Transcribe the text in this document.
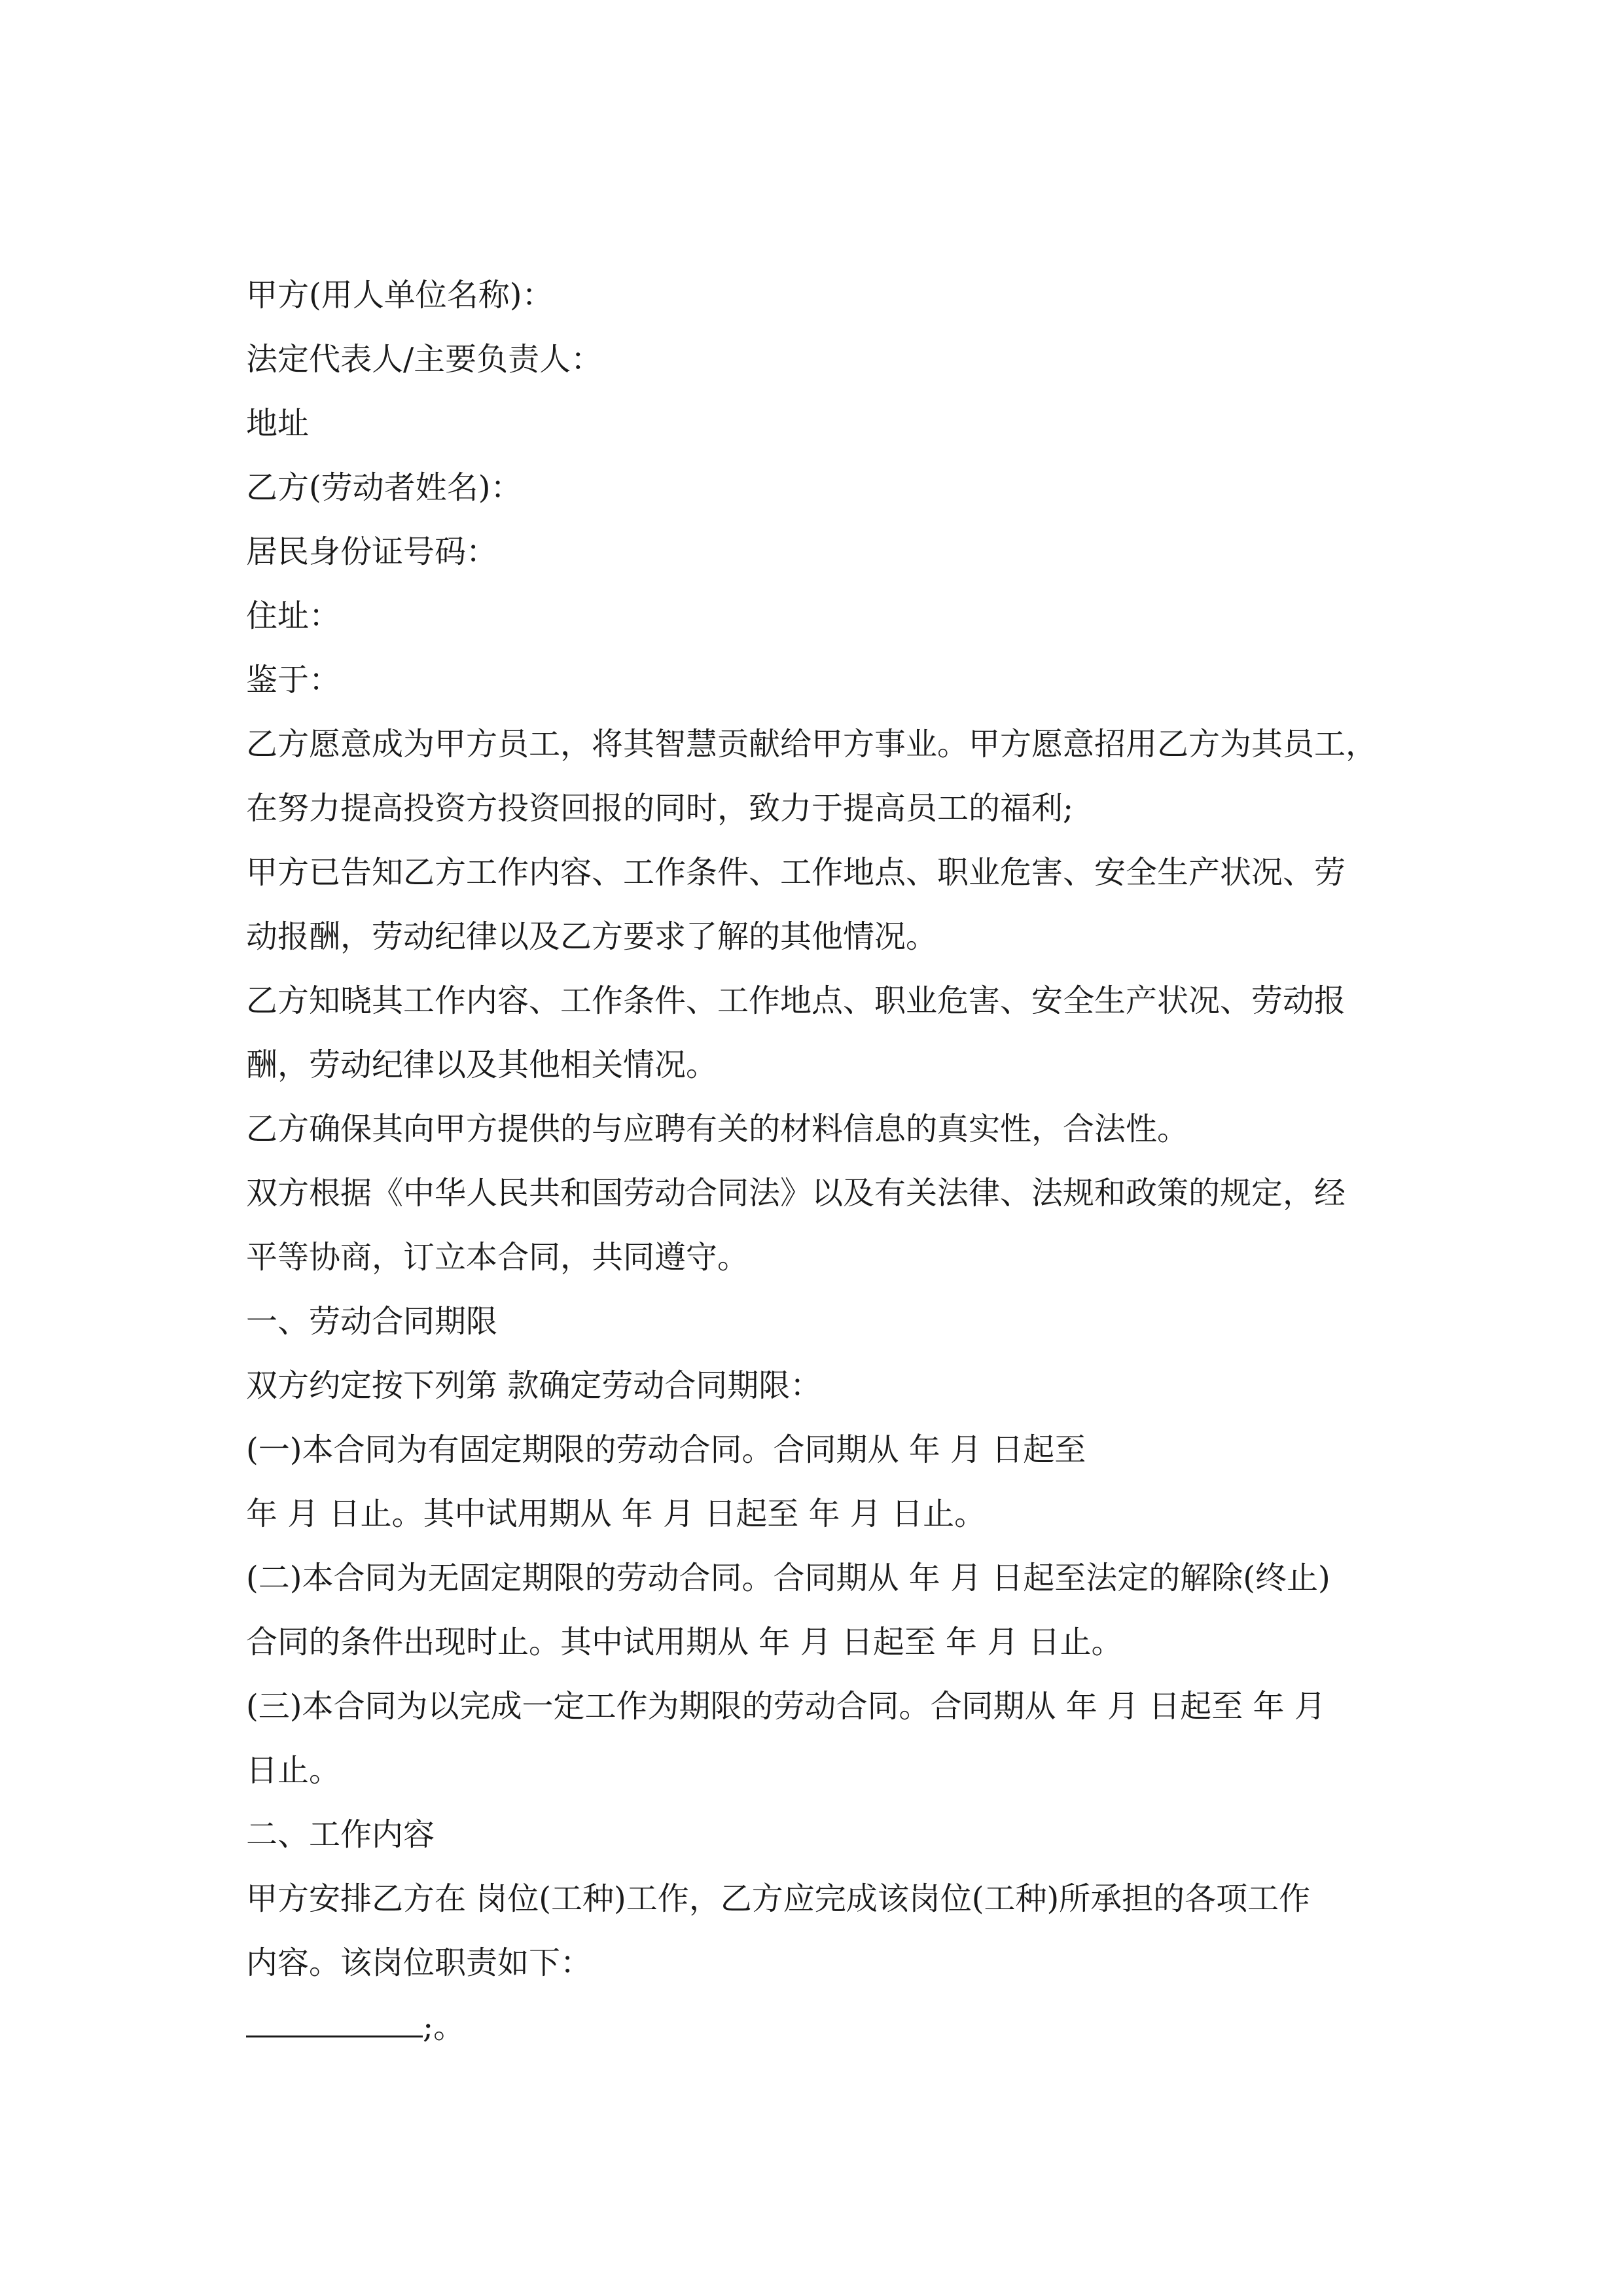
甲方(用人单位名称)：
法定代表人/主要负责人：
地址
乙方(劳动者姓名)：
居民身份证号码：
住址：
鉴于：
乙方愿意成为甲方员工，将其智慧贡献给甲方事业。甲方愿意招用乙方为其员工，
在努力提高投资方投资回报的同时，致力于提高员工的福利;
甲方已告知乙方工作内容、工作条件、工作地点、职业危害、安全生产状况、劳
动报酬，劳动纪律以及乙方要求了解的其他情况。
乙方知晓其工作内容、工作条件、工作地点、职业危害、安全生产状况、劳动报
酬，劳动纪律以及其他相关情况。
乙方确保其向甲方提供的与应聘有关的材料信息的真实性，合法性。
双方根据《中华人民共和国劳动合同法》以及有关法律、法规和政策的规定，经
平等协商，订立本合同，共同遵守。
一、劳动合同期限
双方约定按下列第 款确定劳动合同期限：
(一)本合同为有固定期限的劳动合同。合同期从 年 月 日起至
年 月 日止。其中试用期从 年 月 日起至 年 月 日止。
(二)本合同为无固定期限的劳动合同。合同期从 年 月 日起至法定的解除(终止)
合同的条件出现时止。其中试用期从 年 月 日起至 年 月 日止。
(三)本合同为以完成一定工作为期限的劳动合同。合同期从 年 月 日起至 年 月
日止。
二、工作内容
甲方安排乙方在 岗位(工种)工作，乙方应完成该岗位(工种)所承担的各项工作
内容。该岗位职责如下：
;。
